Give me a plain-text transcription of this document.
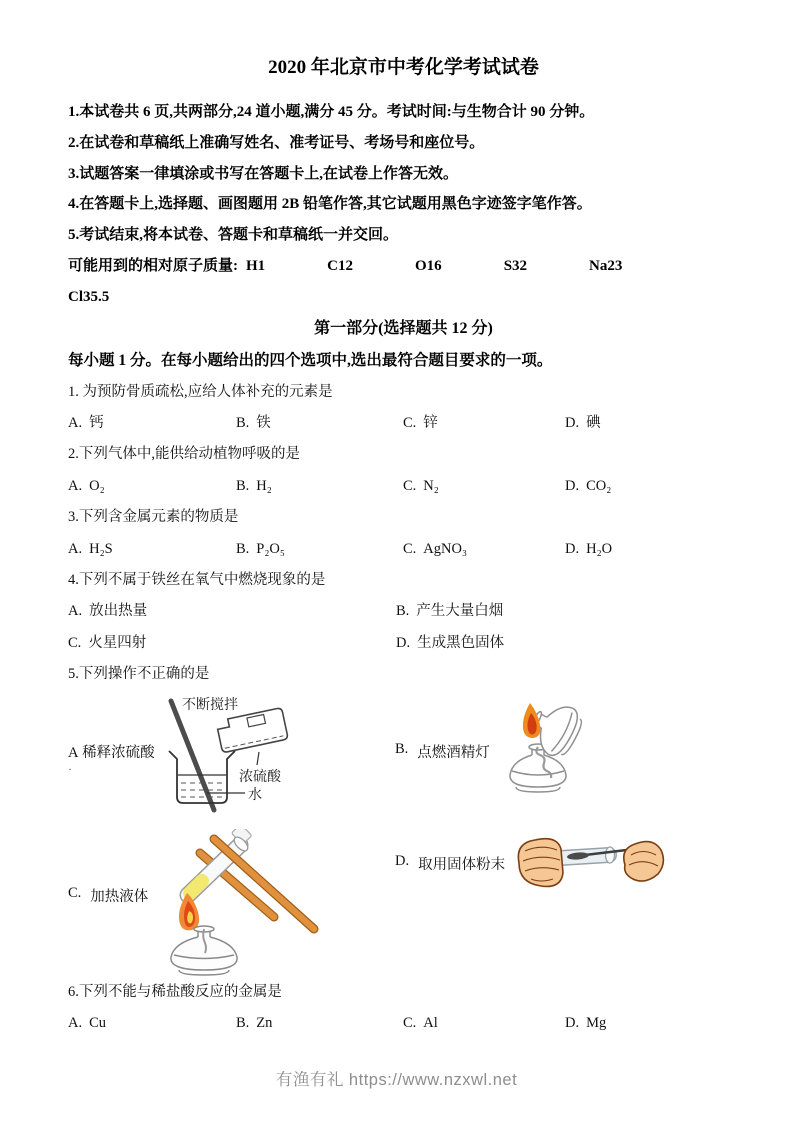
2020 年北京市中考化学考试试卷
1.本试卷共 6 页,共两部分,24 道小题,满分 45 分。考试时间:与生物合计 90 分钟。
2.在试卷和草稿纸上准确写姓名、准考证号、考场号和座位号。
3.试题答案一律填涂或书写在答题卡上,在试卷上作答无效。
4.在答题卡上,选择题、画图题用 2B 铅笔作答,其它试题用黑色字迹签字笔作答。
5.考试结束,将本试卷、答题卡和草稿纸一并交回。
可能用到的相对原子质量: H1	C12	O16	S32	Na23
Cl35.5
第一部分(选择题共 12 分)
每小题 1 分。在每小题给出的四个选项中,选出最符合题目要求的一项。
1. 为预防骨质疏松,应给人体补充的元素是
A. 钙	B. 铁	C. 锌	D. 碘
2.下列气体中,能供给动植物呼吸的是
A. O₂	B. H₂	C. N₂	D. CO₂
3.下列含金属元素的物质是
A. H₂S	B. P₂O₅	C. AgNO₃	D. H₂O
4.下列不属于铁丝在氧气中燃烧现象的是
A. 放出热量	B. 产生大量白烟
C. 火星四射	D. 生成黑色固体
5.下列操作不正确的是
A 稀释浓硫酸
·
不断搅拌
浓硫酸
水
B. 点燃酒精灯
C. 加热液体
D. 取用固体粉末
6.下列不能与稀盐酸反应的金属是
A. Cu	B. Zn	C. Al	D. Mg
有渔有礼 https://www.nzxwl.net
